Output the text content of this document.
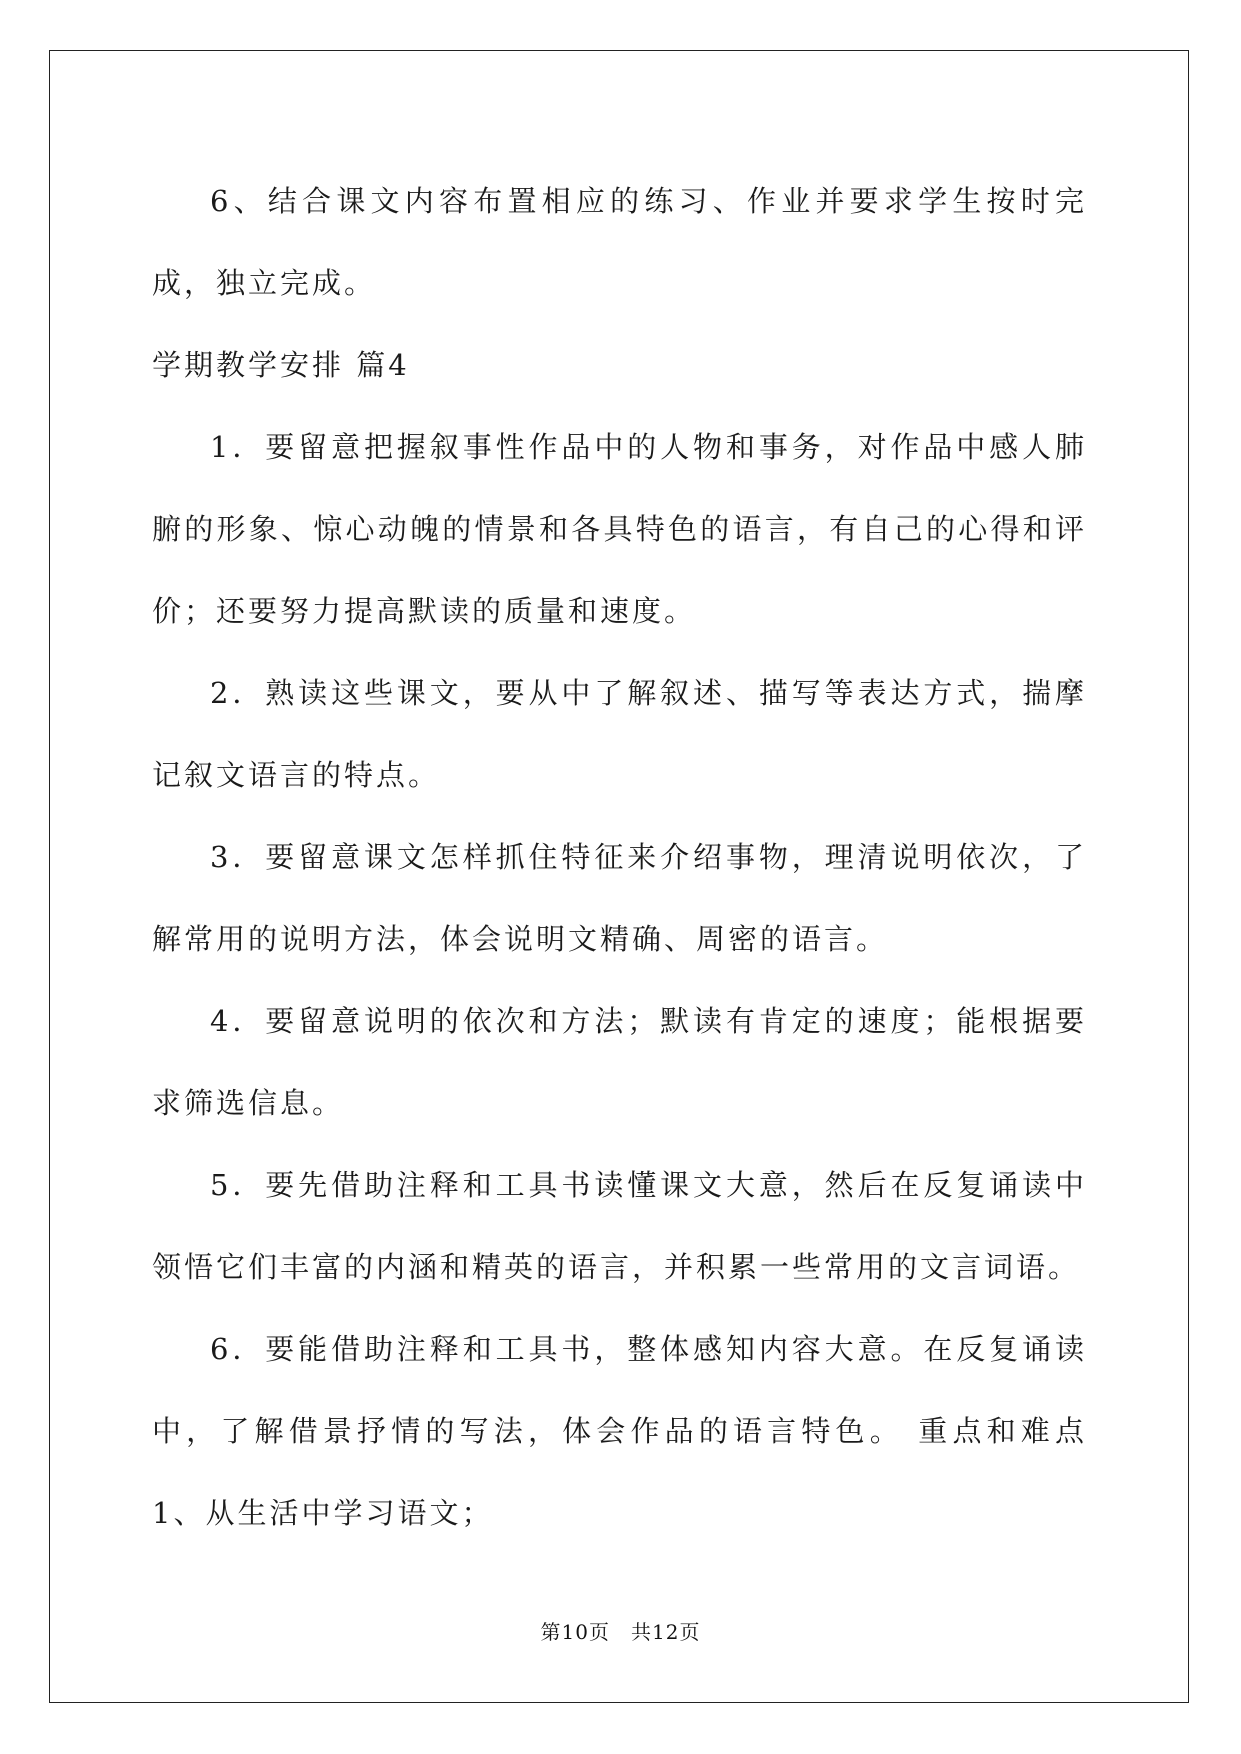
6、结合课文内容布置相应的练习、作业并要求学生按时完成，独立完成。

学期教学安排 篇4

1．要留意把握叙事性作品中的人物和事务，对作品中感人肺腑的形象、惊心动魄的情景和各具特色的语言，有自己的心得和评价；还要努力提高默读的质量和速度。

2．熟读这些课文，要从中了解叙述、描写等表达方式，揣摩记叙文语言的特点。

3．要留意课文怎样抓住特征来介绍事物，理清说明依次，了解常用的说明方法，体会说明文精确、周密的语言。

4．要留意说明的依次和方法；默读有肯定的速度；能根据要求筛选信息。

5．要先借助注释和工具书读懂课文大意，然后在反复诵读中领悟它们丰富的内涵和精英的语言，并积累一些常用的文言词语。

6．要能借助注释和工具书，整体感知内容大意。在反复诵读中，了解借景抒情的写法，体会作品的语言特色。 重点和难点 1、从生活中学习语文；

第10页　共12页
